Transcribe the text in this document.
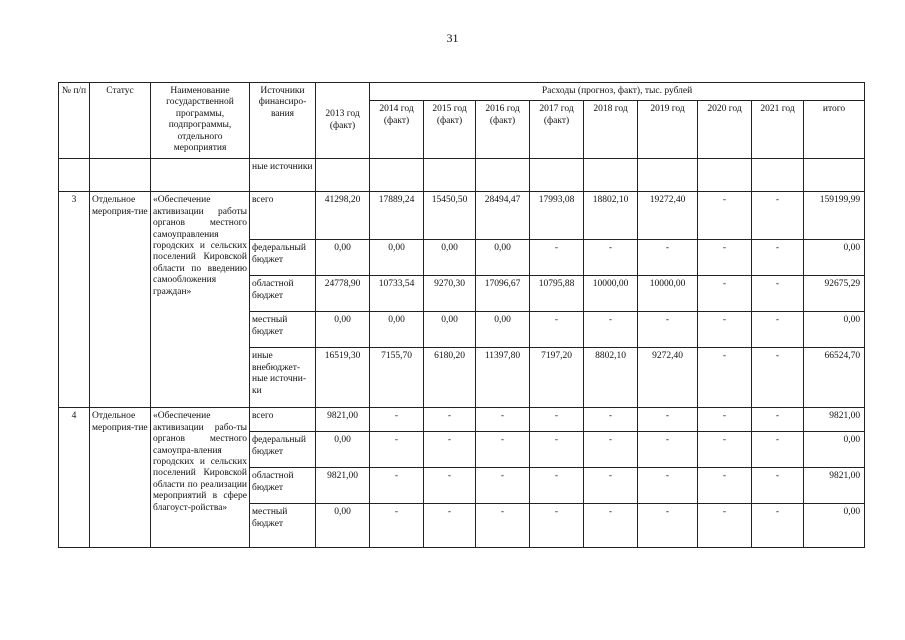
31
№ п/п	Статус	Наименование государственной программы, подпрограммы, отдельного мероприятия	Источники финансиро-вания	2013 год (факт)	Расходы (прогноз, факт), тыс. рублей								
					2014 год (факт)	2015 год (факт)	2016 год (факт)	2017 год (факт)	2018 год	2019 год	2020 год	2021 год	итого
			ные источники										
3	Отдельное мероприя-тие	«Обеспечение активизации работы органов местного самоуправления городских и сельских поселений Кировской области по введению самообложения граждан»	всего	41298,20	17889,24	15450,50	28494,47	17993,08	18802,10	19272,40	-	-	159199,99
			федеральный бюджет	0,00	0,00	0,00	0,00	-	-	-	-	-	0,00
			областной бюджет	24778,90	10733,54	9270,30	17096,67	10795,88	10000,00	10000,00	-	-	92675,29
			местный бюджет	0,00	0,00	0,00	0,00	-	-	-	-	-	0,00
			иные внебюджет-ные источни-ки	16519,30	7155,70	6180,20	11397,80	7197,20	8802,10	9272,40	-	-	66524,70
4	Отдельное мероприя-тие	«Обеспечение активизации рабо-ты органов местного самоупра-вления городских и сельских поселений Кировской области по реализации мероприятий в сфере благоуст-ройства»	всего	9821,00	-	-	-	-	-	-	-	-	9821,00
			федеральный бюджет	0,00	-	-	-	-	-	-	-	-	0,00
			областной бюджет	9821,00	-	-	-	-	-	-	-	-	9821,00
			местный бюджет	0,00	-	-	-	-	-	-	-	-	0,00
